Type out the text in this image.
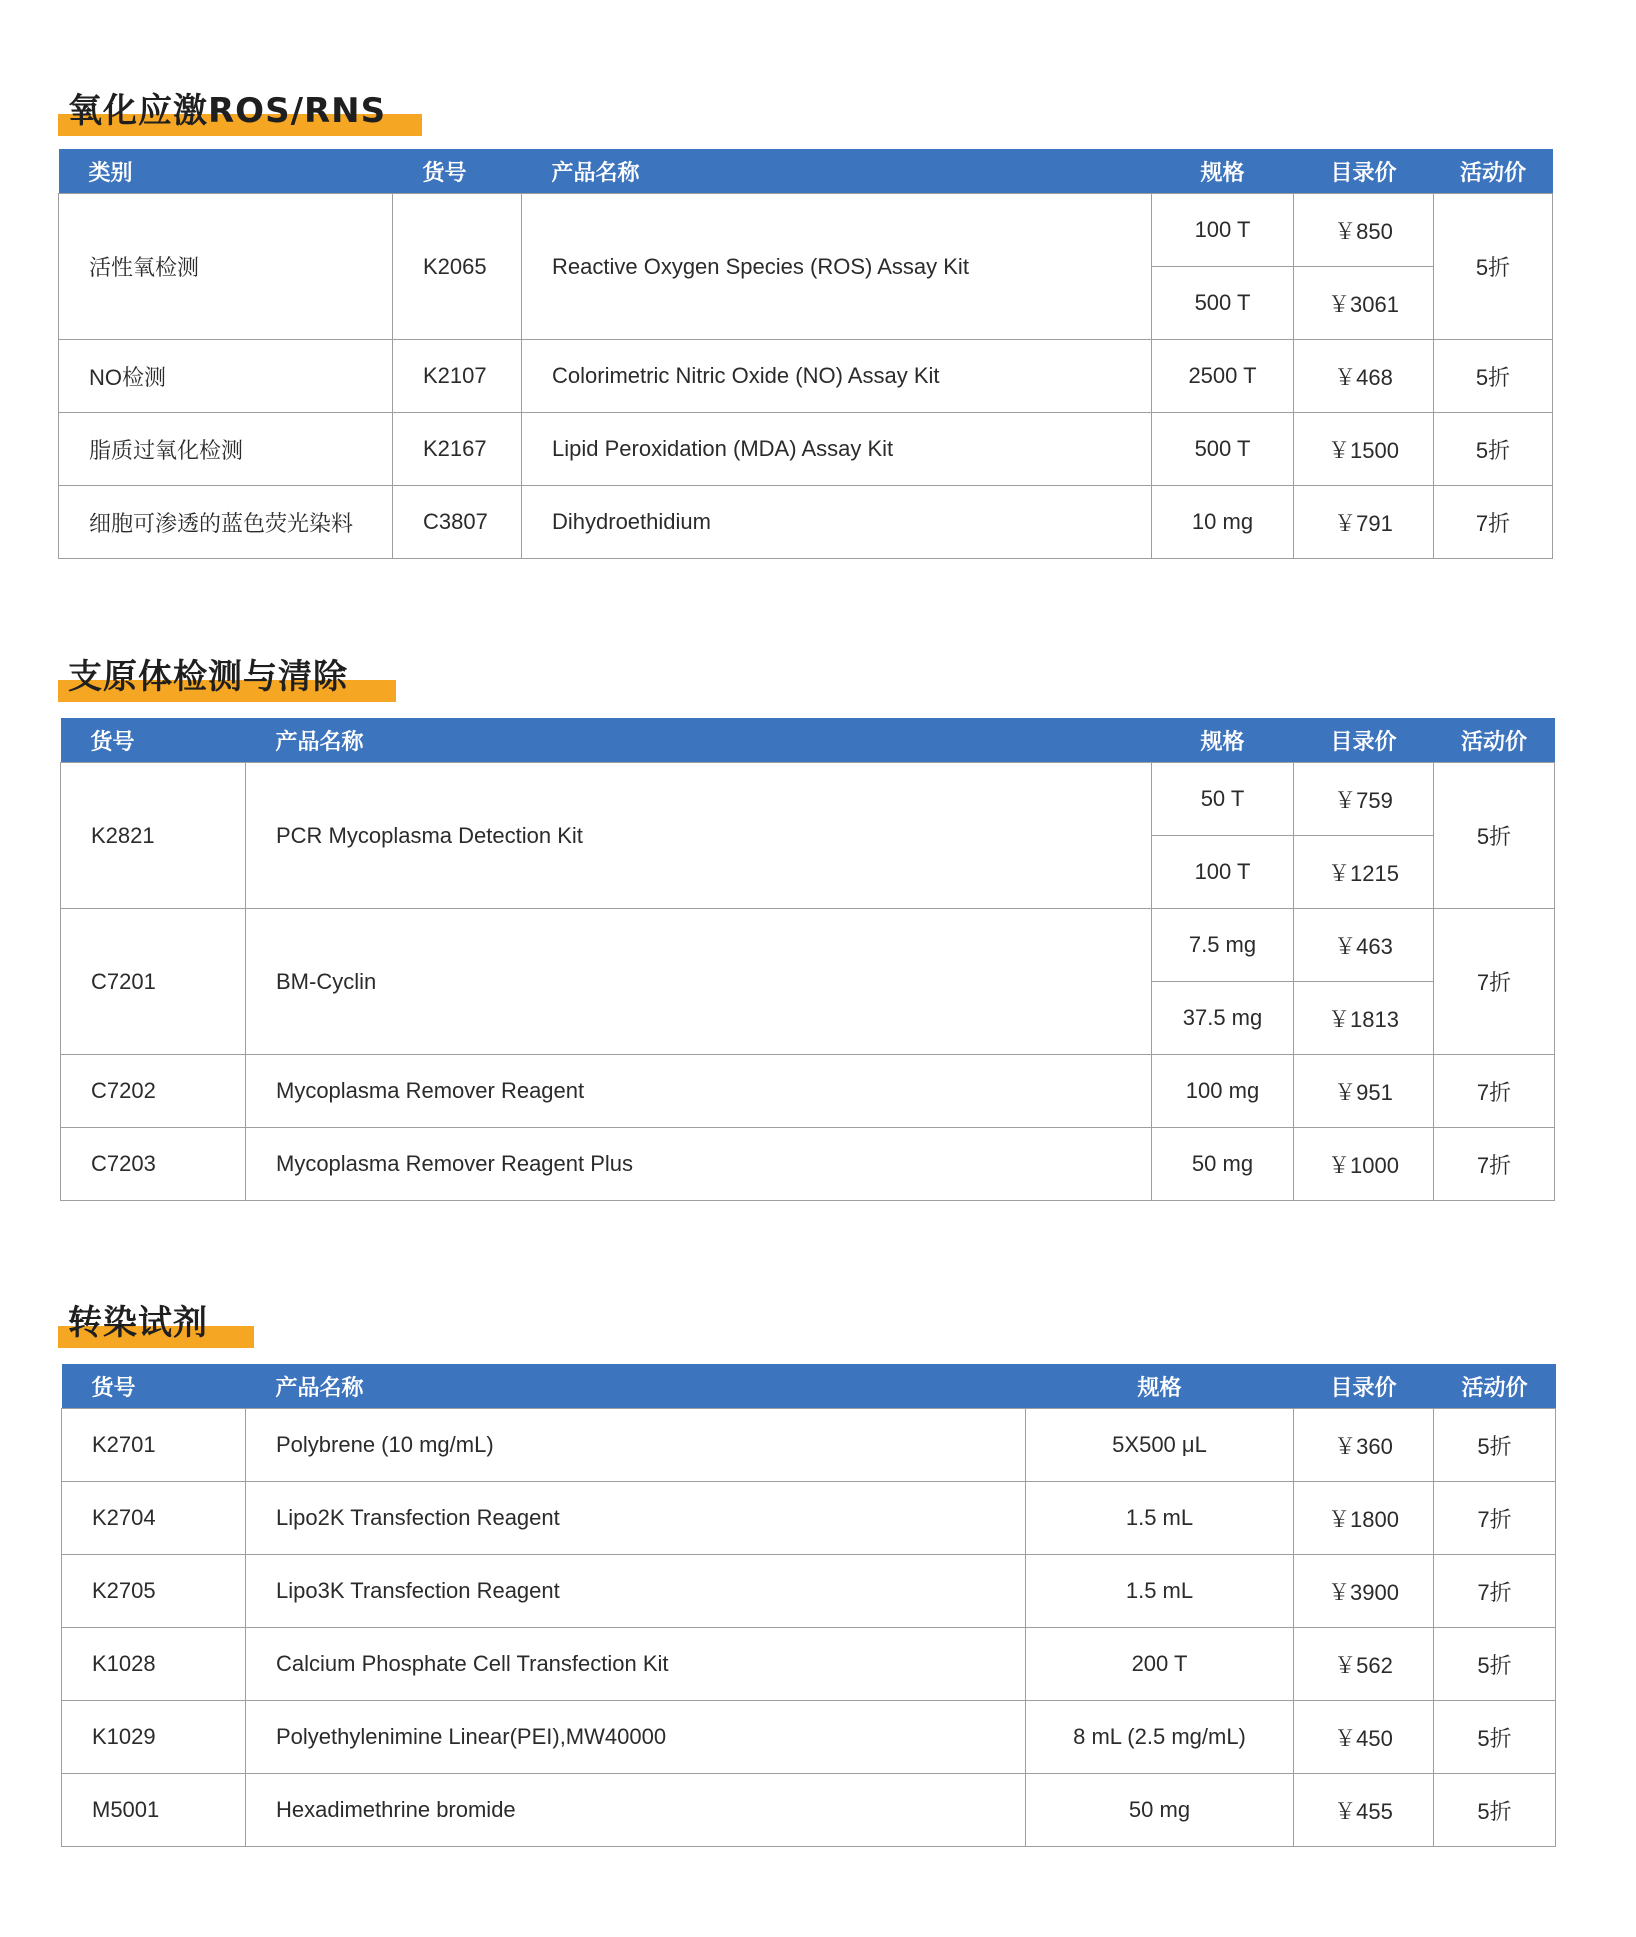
氧化应激ROS/RNS
类别	货号	产品名称	规格	目录价	活动价
活性氧检测	K2065	Reactive Oxygen Species (ROS) Assay Kit	100 T	￥850	5折
			500 T	￥3061	
NO检测	K2107	Colorimetric Nitric Oxide (NO) Assay Kit	2500 T	￥468	5折
脂质过氧化检测	K2167	Lipid Peroxidation (MDA) Assay Kit	500 T	￥1500	5折
细胞可渗透的蓝色荧光染料	C3807	Dihydroethidium	10 mg	￥791	7折
支原体检测与清除
货号	产品名称	规格	目录价	活动价
K2821	PCR Mycoplasma Detection Kit	50 T	￥759	5折
		100 T	￥1215	
C7201	BM-Cyclin	7.5 mg	￥463	7折
		37.5 mg	￥1813	
C7202	Mycoplasma Remover Reagent	100 mg	￥951	7折
C7203	Mycoplasma Remover Reagent Plus	50 mg	￥1000	7折
转染试剂
货号	产品名称	规格	目录价	活动价
K2701	Polybrene (10 mg/mL)	5X500 μL	￥360	5折
K2704	Lipo2K Transfection Reagent	1.5 mL	￥1800	7折
K2705	Lipo3K Transfection Reagent	1.5 mL	￥3900	7折
K1028	Calcium Phosphate Cell Transfection Kit	200 T	￥562	5折
K1029	Polyethylenimine Linear(PEI),MW40000	8 mL (2.5 mg/mL)	￥450	5折
M5001	Hexadimethrine bromide	50 mg	￥455	5折
